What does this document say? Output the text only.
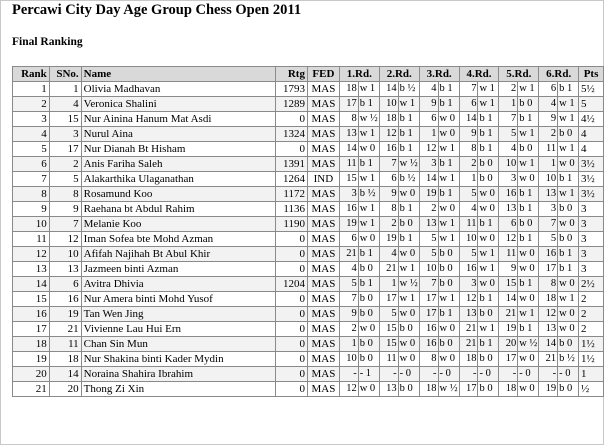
Percawi City Day Age Group Chess Open 2011
Final Ranking
Rank	SNo.	Name	Rtg	FED	1.Rd.		2.Rd.		3.Rd.		4.Rd.		5.Rd.		6.Rd.		Pts
1	1	Olivia Madhavan	1793	MAS	18	w 1	14	b ½	4	b 1	7	w 1	2	w 1	6	b 1	5½
2	4	Veronica Shalini	1289	MAS	17	b 1	10	w 1	9	b 1	6	w 1	1	b 0	4	w 1	5
3	15	Nur Ainina Hanum Mat Asdi	0	MAS	8	w ½	18	b 1	6	w 0	14	b 1	7	b 1	9	w 1	4½
4	3	Nurul Aina	1324	MAS	13	w 1	12	b 1	1	w 0	9	b 1	5	w 1	2	b 0	4
5	17	Nur Dianah Bt Hisham	0	MAS	14	w 0	16	b 1	12	w 1	8	b 1	4	b 0	11	w 1	4
6	2	Anis Fariha Saleh	1391	MAS	11	b 1	7	w ½	3	b 1	2	b 0	10	w 1	1	w 0	3½
7	5	Alakarthika Ulaganathan	1264	IND	15	w 1	6	b ½	14	w 1	1	b 0	3	w 0	10	b 1	3½
8	8	Rosamund Koo	1172	MAS	3	b ½	9	w 0	19	b 1	5	w 0	16	b 1	13	w 1	3½
9	9	Raehana bt Abdul Rahim	1136	MAS	16	w 1	8	b 1	2	w 0	4	w 0	13	b 1	3	b 0	3
10	7	Melanie Koo	1190	MAS	19	w 1	2	b 0	13	w 1	11	b 1	6	b 0	7	w 0	3
11	12	Iman Sofea bte Mohd Azman	0	MAS	6	w 0	19	b 1	5	w 1	10	w 0	12	b 1	5	b 0	3
12	10	Afifah Najihah Bt Abul Khir	0	MAS	21	b 1	4	w 0	5	b 0	5	w 1	11	w 0	16	b 1	3
13	13	Jazmeen binti Azman	0	MAS	4	b 0	21	w 1	10	b 0	16	w 1	9	w 0	17	b 1	3
14	6	Avitra Dhivia	1204	MAS	5	b 1	1	w ½	7	b 0	3	w 0	15	b 1	8	w 0	2½
15	16	Nur Amera binti Mohd Yusof	0	MAS	7	b 0	17	w 1	17	w 1	12	b 1	14	w 0	18	w 1	2
16	19	Tan Wen Jing	0	MAS	9	b 0	5	w 0	17	b 1	13	b 0	21	w 1	12	w 0	2
17	21	Vivienne Lau Hui Ern	0	MAS	2	w 0	15	b 0	16	w 0	21	w 1	19	b 1	13	w 0	2
18	11	Chan Sin Mun	0	MAS	1	b 0	15	w 0	16	b 0	21	b 1	20	w ½	14	b 0	1½
19	18	Nur Shakina binti Kader Mydin	0	MAS	10	b 0	11	w 0	8	w 0	18	b 0	17	w 0	21	b ½	1½
20	14	Noraina Shahira Ibrahim	0	MAS	-	- 1	-	- 0	-	- 0	-	- 0	-	- 0	-	- 0	1
21	20	Thong Zi Xin	0	MAS	12	w 0	13	b 0	18	w ½	17	b 0	18	w 0	19	b 0	½
